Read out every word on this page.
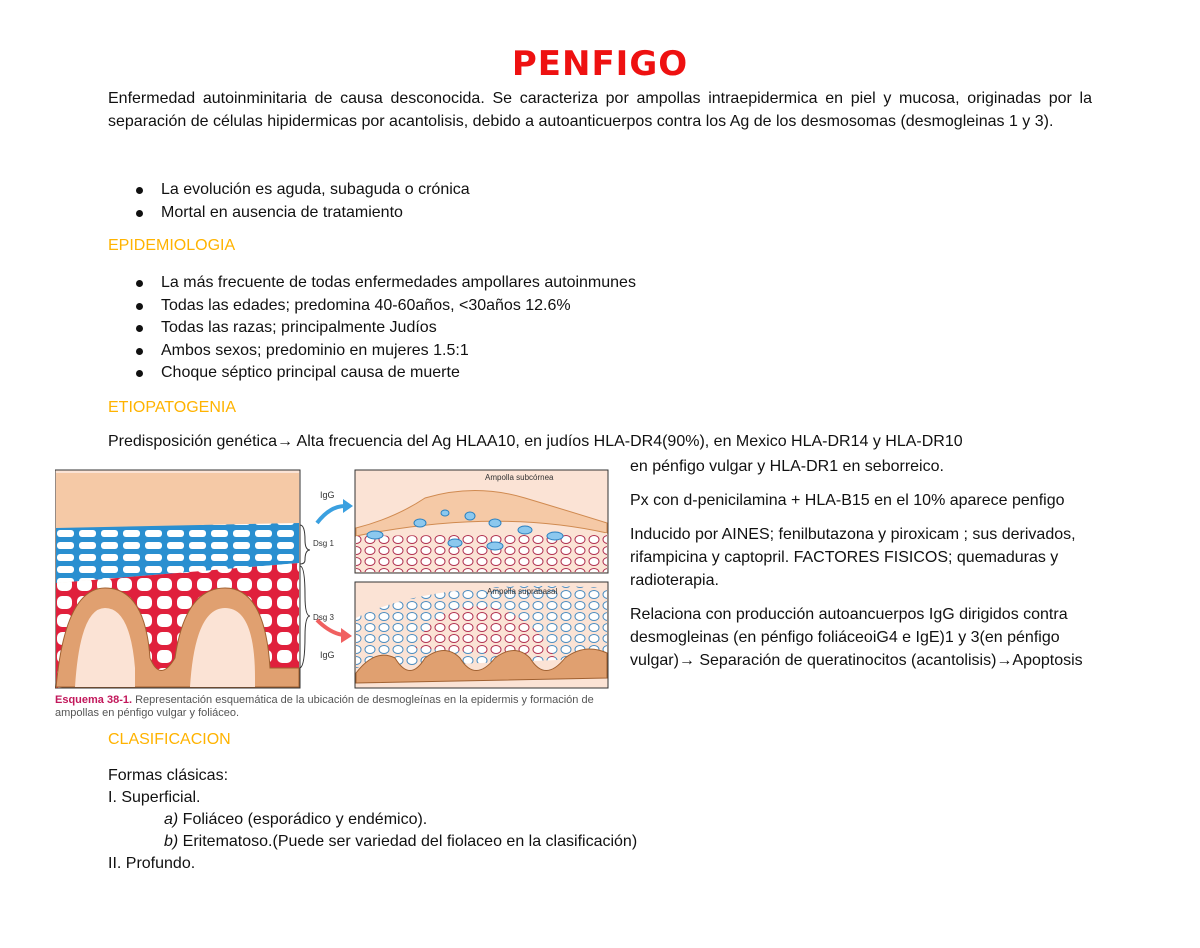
PENFIGO
Enfermedad autoinminitaria de causa desconocida. Se caracteriza por ampollas intraepidermica en piel y mucosa, originadas por la separación de células hipidermicas por acantolisis, debido a autoanticuerpos contra los Ag de los desmosomas (desmogleinas 1 y 3).
La evolución es aguda, subaguda o crónica
Mortal en ausencia de tratamiento
EPIDEMIOLOGIA
La más frecuente de todas enfermedades ampollares autoinmunes
Todas las edades; predomina 40-60años, <30años 12.6%
Todas las razas; principalmente Judíos
Ambos sexos; predominio en mujeres 1.5:1
Choque séptico principal causa de muerte
ETIOPATOGENIA
Predisposición genética→ Alta frecuencia del Ag HLAA10, en judíos HLA-DR4(90%), en Mexico HLA-DR14 y HLA-DR10

en pénfigo vulgar y HLA-DR1 en seborreico.

Px con d-penicilamina + HLA-B15 en el 10% aparece penfigo

Inducido por AINES; fenilbutazona y piroxicam ; sus derivados, rifampicina y captopril. FACTORES FISICOS; quemaduras y radioterapia.

Relaciona con producción autoancuerpos IgG dirigidos contra desmogleinas (en pénfigo foliáceoiG4 e IgE)1 y 3(en pénfigo vulgar)→ Separación de queratinocitos (acantolisis)→Apoptosis

Dsg 1
Dsg 3
IgG
IgG
Ampolla subcórnea
Ampolla suprabasal
Esquema 38-1. Representación esquemática de la ubicación de desmogleínas en la epidermis y formación de ampollas en pénfigo vulgar y foliáceo.
CLASIFICACION
Formas clásicas:
I. Superficial.
a) Foliáceo (esporádico y endémico).
b) Eritematoso.(Puede ser variedad del fiolaceo en la clasificación)
II. Profundo.
